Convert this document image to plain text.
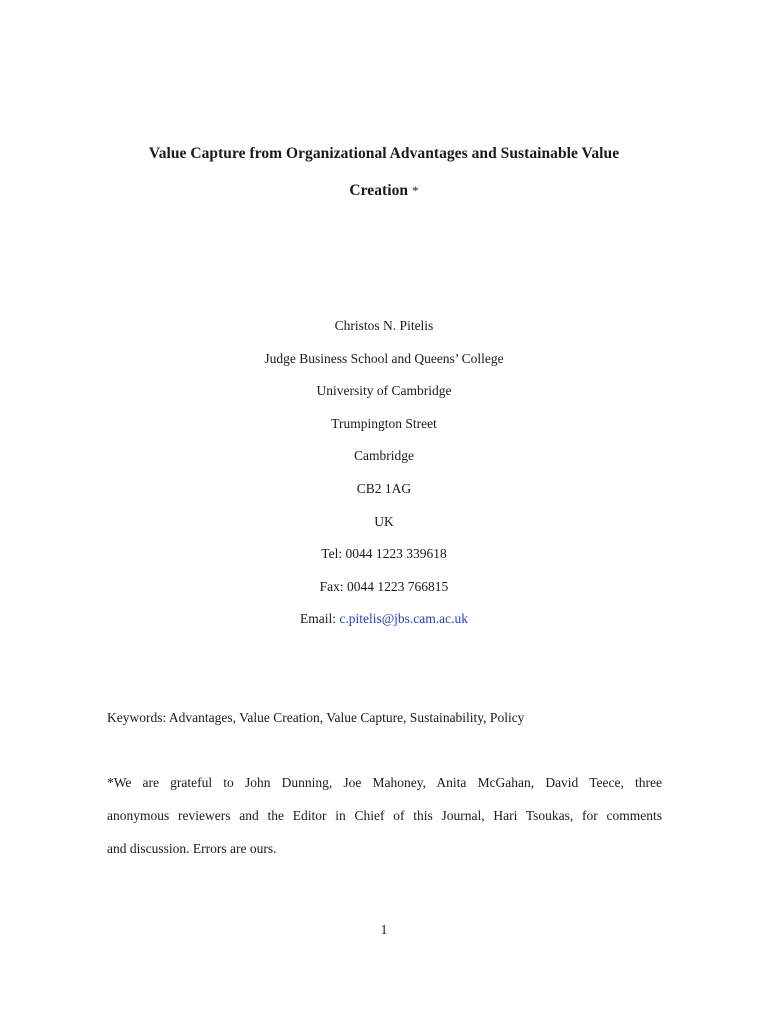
Value Capture from Organizational Advantages and Sustainable Value
Creation *
Christos N. Pitelis
Judge Business School and Queens’ College
University of Cambridge
Trumpington Street
Cambridge
CB2 1AG
UK
Tel: 0044 1223 339618
Fax: 0044 1223 766815
Email: c.pitelis@jbs.cam.ac.uk
Keywords: Advantages, Value Creation, Value Capture, Sustainability, Policy
*We are grateful to John Dunning, Joe Mahoney, Anita McGahan, David Teece, three
anonymous reviewers and the Editor in Chief of this Journal, Hari Tsoukas, for comments
and discussion. Errors are ours.
1
